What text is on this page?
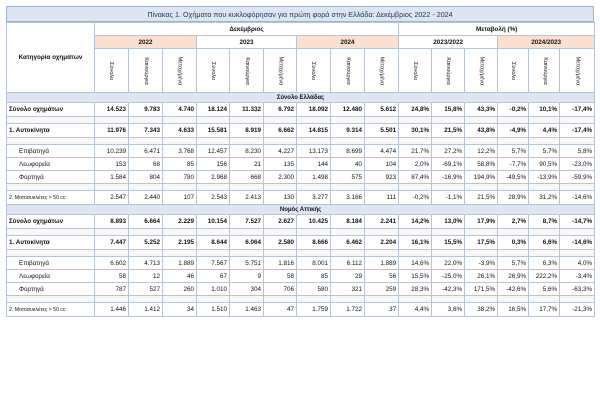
Πίνακας 1. Οχήματα που κυκλοφόρησαν για πρώτη φορά στην Ελλάδα: Δεκέμβριος 2022 - 2024
Κατηγορία οχημάτων	Δεκέμβριος									Μεταβολή (%)					
	2022			2023			2024			2023/2022			2024/2023		
	Σύνολο	Καινούργια	Μεταχ/μένα	Σύνολο	Καινούργια	Μεταχ/μένα	Σύνολο	Καινούργια	Μεταχ/μένα	Σύνολο	Καινούργια	Μεταχ/μένα	Σύνολο	Καινούργια	Μεταχ/μένα
Σύνολο Ελλάδας															
Σύνολο οχημάτων	14.523	9.783	4.740	18.124	11.332	6.792	18.092	12.480	5.612	24,8%	15,8%	43,3%	-0,2%	10,1%	-17,4%

1. Αυτοκίνητα	11.976	7.343	4.633	15.581	8.919	6.662	14.815	9.314	5.501	30,1%	21,5%	43,8%	-4,9%	4,4%	-17,4%

Επιβατηγά	10.239	6.471	3.768	12.457	8.230	4.227	13.173	8.699	4.474	21,7%	27,2%	12,2%	5,7%	5,7%	5,8%
Λεωφορεία	153	68	85	156	21	135	144	40	104	2,0%	-69,1%	58,8%	-7,7%	90,5%	-23,0%
Φορτηγά	1.584	804	780	2.968	668	2.300	1.498	575	923	87,4%	-16,9%	194,9%	-49,5%	-13,9%	-59,9%

2. Μοτοσυκλέτες > 50 cc	2.547	2.440	107	2.543	2.413	130	3.277	3.166	111	-0,2%	-1,1%	21,5%	28,9%	31,2%	-14,6%
Νομός Αττικής															
Σύνολο οχημάτων	8.893	6.664	2.229	10.154	7.527	2.627	10.425	8.184	2.241	14,2%	13,0%	17,9%	2,7%	8,7%	-14,7%

1. Αυτοκίνητα	7.447	5.252	2.195	8.644	6.064	2.580	8.666	6.462	2.204	16,1%	15,5%	17,5%	0,3%	6,6%	-14,6%

Επιβατηγά	6.602	4.713	1.889	7.567	5.751	1.816	8.001	6.112	1.889	14,6%	22,0%	-3,9%	5,7%	6,3%	4,0%
Λεωφορεία	58	12	46	67	9	58	85	29	56	15,5%	-25,0%	26,1%	26,9%	222,2%	-3,4%
Φορτηγά	787	527	260	1.010	304	706	580	321	259	28,3%	-42,3%	171,5%	-42,6%	5,6%	-63,3%

2. Μοτοσυκλέτες > 50 cc	1.446	1.412	34	1.510	1.463	47	1.759	1.722	37	4,4%	3,6%	38,2%	16,5%	17,7%	-21,3%
